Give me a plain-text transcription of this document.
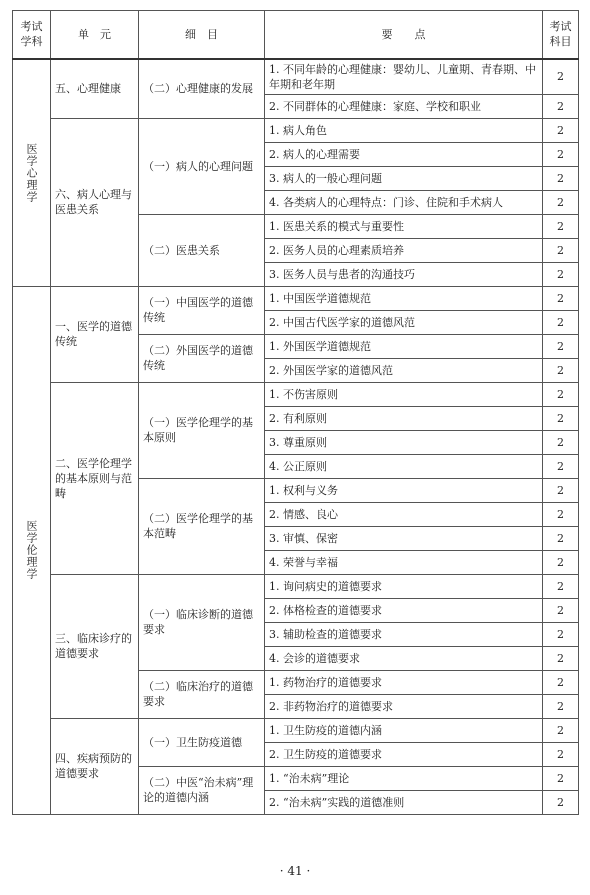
考试
学科	单　元	细　目	要　　点	考试
科目
医学心理学	五、心理健康	（二）心理健康的发展	1. 不同年龄的心理健康：婴幼儿、儿童期、青春期、中年期和老年期	2
			2. 不同群体的心理健康：家庭、学校和职业	2
	六、病人心理与医患关系	（一）病人的心理问题	1. 病人角色	2
			2. 病人的心理需要	2
			3. 病人的一般心理问题	2
			4. 各类病人的心理特点：门诊、住院和手术病人	2
		（二）医患关系	1. 医患关系的模式与重要性	2
			2. 医务人员的心理素质培养	2
			3. 医务人员与患者的沟通技巧	2
医学伦理学	一、医学的道德传统	（一）中国医学的道德传统	1. 中国医学道德规范	2
			2. 中国古代医学家的道德风范	2
		（二）外国医学的道德传统	1. 外国医学道德规范	2
			2. 外国医学家的道德风范	2
	二、医学伦理学的基本原则与范畴	（一）医学伦理学的基本原则	1. 不伤害原则	2
			2. 有利原则	2
			3. 尊重原则	2
			4. 公正原则	2
		（二）医学伦理学的基本范畴	1. 权利与义务	2
			2. 情感、良心	2
			3. 审慎、保密	2
			4. 荣誉与幸福	2
	三、临床诊疗的道德要求	（一）临床诊断的道德要求	1. 询问病史的道德要求	2
			2. 体格检查的道德要求	2
			3. 辅助检查的道德要求	2
			4. 会诊的道德要求	2
		（二）临床治疗的道德要求	1. 药物治疗的道德要求	2
			2. 非药物治疗的道德要求	2
	四、疾病预防的道德要求	（一）卫生防疫道德	1. 卫生防疫的道德内涵	2
			2. 卫生防疫的道德要求	2
		（二）中医“治未病”理论的道德内涵	1. “治未病”理论	2
			2. “治未病”实践的道德准则	2
· 41 ·
